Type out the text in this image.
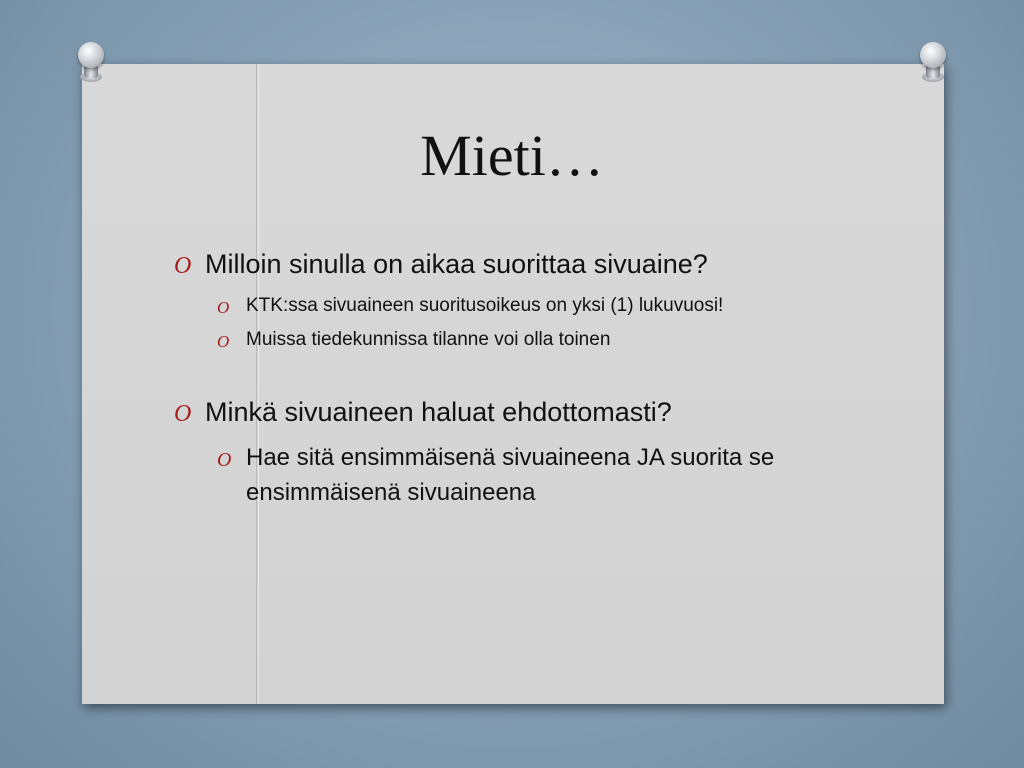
Mieti…
O Milloin sinulla on aikaa suorittaa sivuaine?
O KTK:ssa sivuaineen suoritusoikeus on yksi (1) lukuvuosi!
O Muissa tiedekunnissa tilanne voi olla toinen
O Minkä sivuaineen haluat ehdottomasti?
O Hae sitä ensimmäisenä sivuaineena JA suorita se ensimmäisenä sivuaineena
